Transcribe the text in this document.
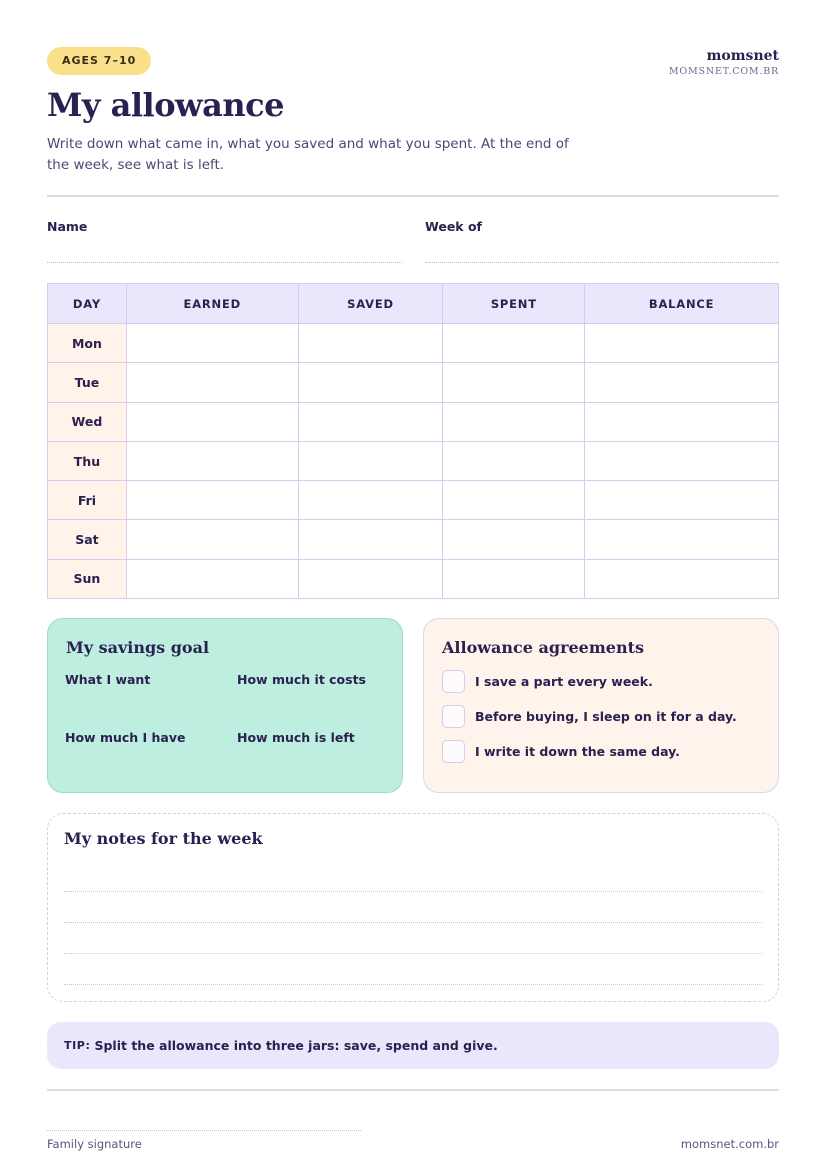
AGES 7–10	momsnet
MOMSNET.COM.BR
My allowance

Write down what came in, what you saved and what you spent. At the end of the week, see what is left.

Name	Week of
DAY	EARNED	SAVED	SPENT	BALANCE
Mon				
Tue				
Wed				
Thu				
Fri				
Sat				
Sun				
My savings goal
What I want	How much it costs
How much I have	How much is left
Allowance agreements
I save a part every week.
Before buying, I sleep on it for a day.
I write it down the same day.
My notes for the week
TIP: Split the allowance into three jars: save, spend and give.
Family signature	momsnet.com.br
